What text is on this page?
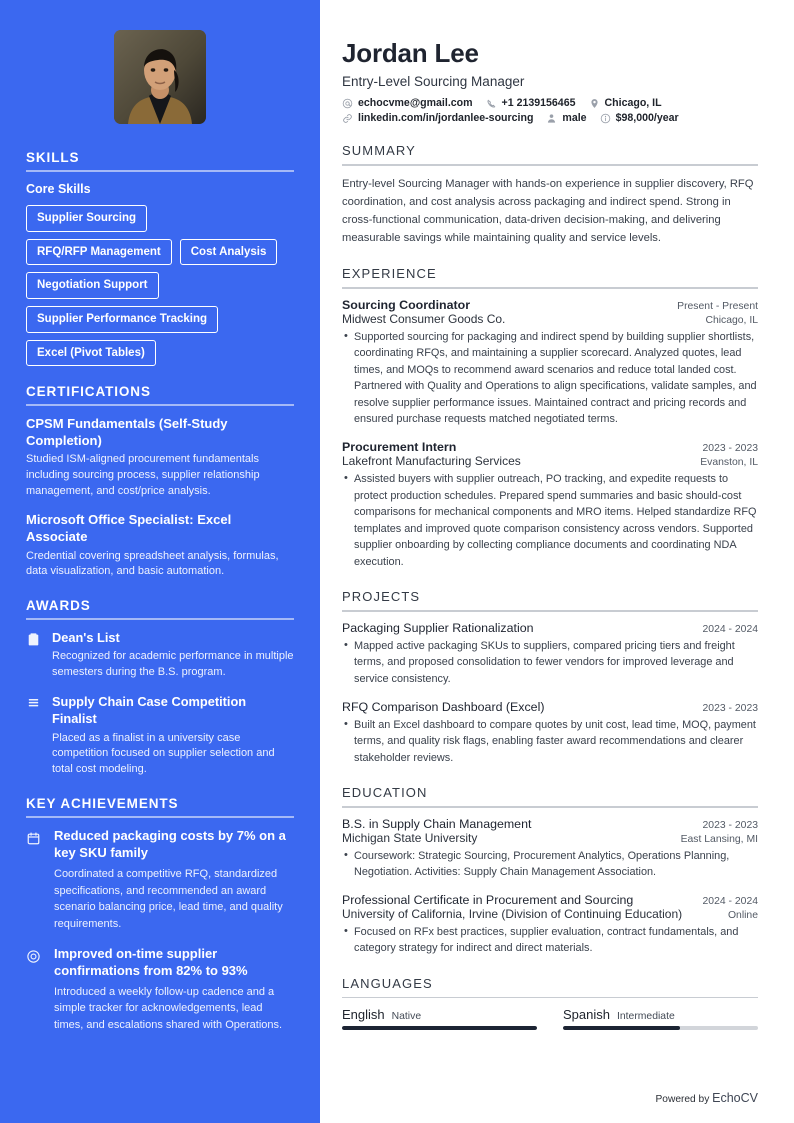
SKILLS
Core Skills
Supplier Sourcing
RFQ/RFP Management	Cost Analysis
Negotiation Support
Supplier Performance Tracking
Excel (Pivot Tables)
CERTIFICATIONS
CPSM Fundamentals (Self-Study Completion)
Studied ISM-aligned procurement fundamentals including sourcing process, supplier relationship management, and cost/price analysis.
Microsoft Office Specialist: Excel Associate
Credential covering spreadsheet analysis, formulas, data visualization, and basic automation.
AWARDS
Dean's List
Recognized for academic performance in multiple semesters during the B.S. program.
Supply Chain Case Competition Finalist
Placed as a finalist in a university case competition focused on supplier selection and total cost modeling.
KEY ACHIEVEMENTS
Reduced packaging costs by 7% on a key SKU family
Coordinated a competitive RFQ, standardized specifications, and recommended an award scenario balancing price, lead time, and quality requirements.
Improved on-time supplier confirmations from 82% to 93%
Introduced a weekly follow-up cadence and a simple tracker for acknowledgements, lead times, and escalations shared with Operations.
Jordan Lee
Entry-Level Sourcing Manager
echocvme@gmail.com	+1 2139156465	Chicago, IL
linkedin.com/in/jordanlee-sourcing	male	$98,000/year
SUMMARY

Entry-level Sourcing Manager with hands-on experience in supplier discovery, RFQ coordination, and cost analysis across packaging and indirect spend. Strong in cross-functional communication, data-driven decision-making, and delivering measurable savings while maintaining quality and service levels.

EXPERIENCE
Sourcing Coordinator	Present - Present
Midwest Consumer Goods Co.	Chicago, IL
• Supported sourcing for packaging and indirect spend by building supplier shortlists, coordinating RFQs, and maintaining a supplier scorecard. Analyzed quotes, lead times, and MOQs to recommend award scenarios and reduce total landed cost. Partnered with Quality and Operations to align specifications, validate samples, and resolve supplier performance issues. Maintained contract and pricing records and ensured purchase requests matched negotiated terms.
Procurement Intern	2023 - 2023
Lakefront Manufacturing Services	Evanston, IL
• Assisted buyers with supplier outreach, PO tracking, and expedite requests to protect production schedules. Prepared spend summaries and basic should-cost comparisons for mechanical components and MRO items. Helped standardize RFQ templates and improved quote comparison consistency across vendors. Supported supplier onboarding by collecting compliance documents and coordinating NDA execution.
PROJECTS
Packaging Supplier Rationalization	2024 - 2024
• Mapped active packaging SKUs to suppliers, compared pricing tiers and freight terms, and proposed consolidation to fewer vendors for improved leverage and service consistency.
RFQ Comparison Dashboard (Excel)	2023 - 2023
• Built an Excel dashboard to compare quotes by unit cost, lead time, MOQ, payment terms, and quality risk flags, enabling faster award recommendations and clearer stakeholder reviews.
EDUCATION
B.S. in Supply Chain Management	2023 - 2023
Michigan State University	East Lansing, MI
• Coursework: Strategic Sourcing, Procurement Analytics, Operations Planning, Negotiation. Activities: Supply Chain Management Association.
Professional Certificate in Procurement and Sourcing	2024 - 2024
University of California, Irvine (Division of Continuing Education)	Online
• Focused on RFx best practices, supplier evaluation, contract fundamentals, and category strategy for indirect and direct materials.
LANGUAGES
English Native	Spanish Intermediate
Powered by EchoCV
